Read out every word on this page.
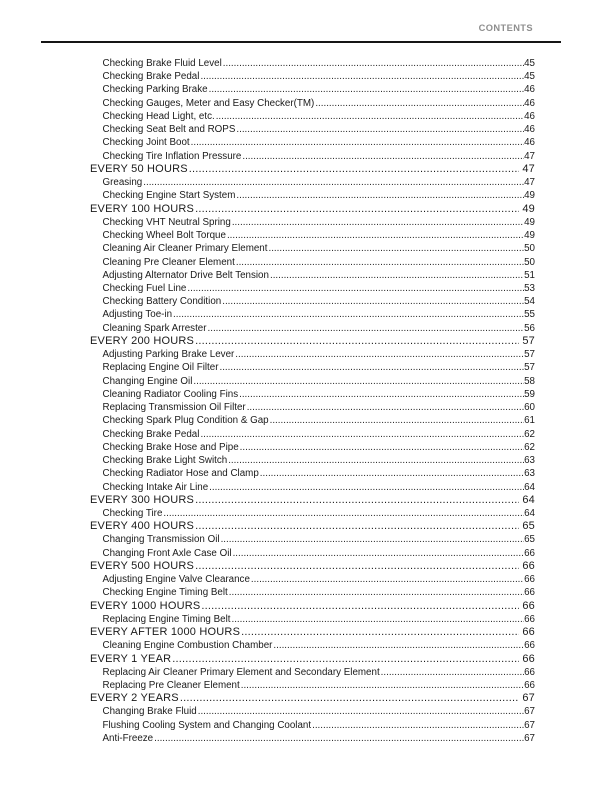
CONTENTS
Checking Brake Fluid Level .....	45
Checking Brake Pedal .....	45
Checking Parking Brake .....	46
Checking Gauges, Meter and Easy Checker(TM) .....	46
Checking Head Light, etc. .....	46
Checking Seat Belt and ROPS .....	46
Checking Joint Boot .....	46
Checking Tire Inflation Pressure .....	47
EVERY 50 HOURS .....	47
Greasing .....	47
Checking Engine Start System .....	49
EVERY 100 HOURS .....	49
Checking VHT Neutral Spring .....	49
Checking Wheel Bolt Torque .....	49
Cleaning Air Cleaner Primary Element .....	50
Cleaning Pre Cleaner Element .....	50
Adjusting Alternator Drive Belt Tension .....	51
Checking Fuel Line .....	53
Checking Battery Condition .....	54
Adjusting Toe-in .....	55
Cleaning Spark Arrester .....	56
EVERY 200 HOURS .....	57
Adjusting Parking Brake Lever .....	57
Replacing Engine Oil Filter .....	57
Changing Engine Oil .....	58
Cleaning Radiator Cooling Fins .....	59
Replacing Transmission Oil Filter .....	60
Checking Spark Plug Condition & Gap .....	61
Checking Brake Pedal .....	62
Checking Brake Hose and Pipe .....	62
Checking Brake Light Switch .....	63
Checking Radiator Hose and Clamp .....	63
Checking Intake Air Line .....	64
EVERY 300 HOURS .....	64
Checking Tire .....	64
EVERY 400 HOURS .....	65
Changing Transmission Oil .....	65
Changing Front Axle Case Oil .....	66
EVERY 500 HOURS .....	66
Adjusting Engine Valve Clearance .....	66
Checking Engine Timing Belt .....	66
EVERY 1000 HOURS .....	66
Replacing Engine Timing Belt .....	66
EVERY AFTER 1000 HOURS .....	66
Cleaning Engine Combustion Chamber .....	66
EVERY 1 YEAR .....	66
Replacing Air Cleaner Primary Element and Secondary Element .....	66
Replacing Pre Cleaner Element .....	66
EVERY 2 YEARS .....	67
Changing Brake Fluid .....	67
Flushing Cooling System and Changing Coolant .....	67
Anti-Freeze .....	67
